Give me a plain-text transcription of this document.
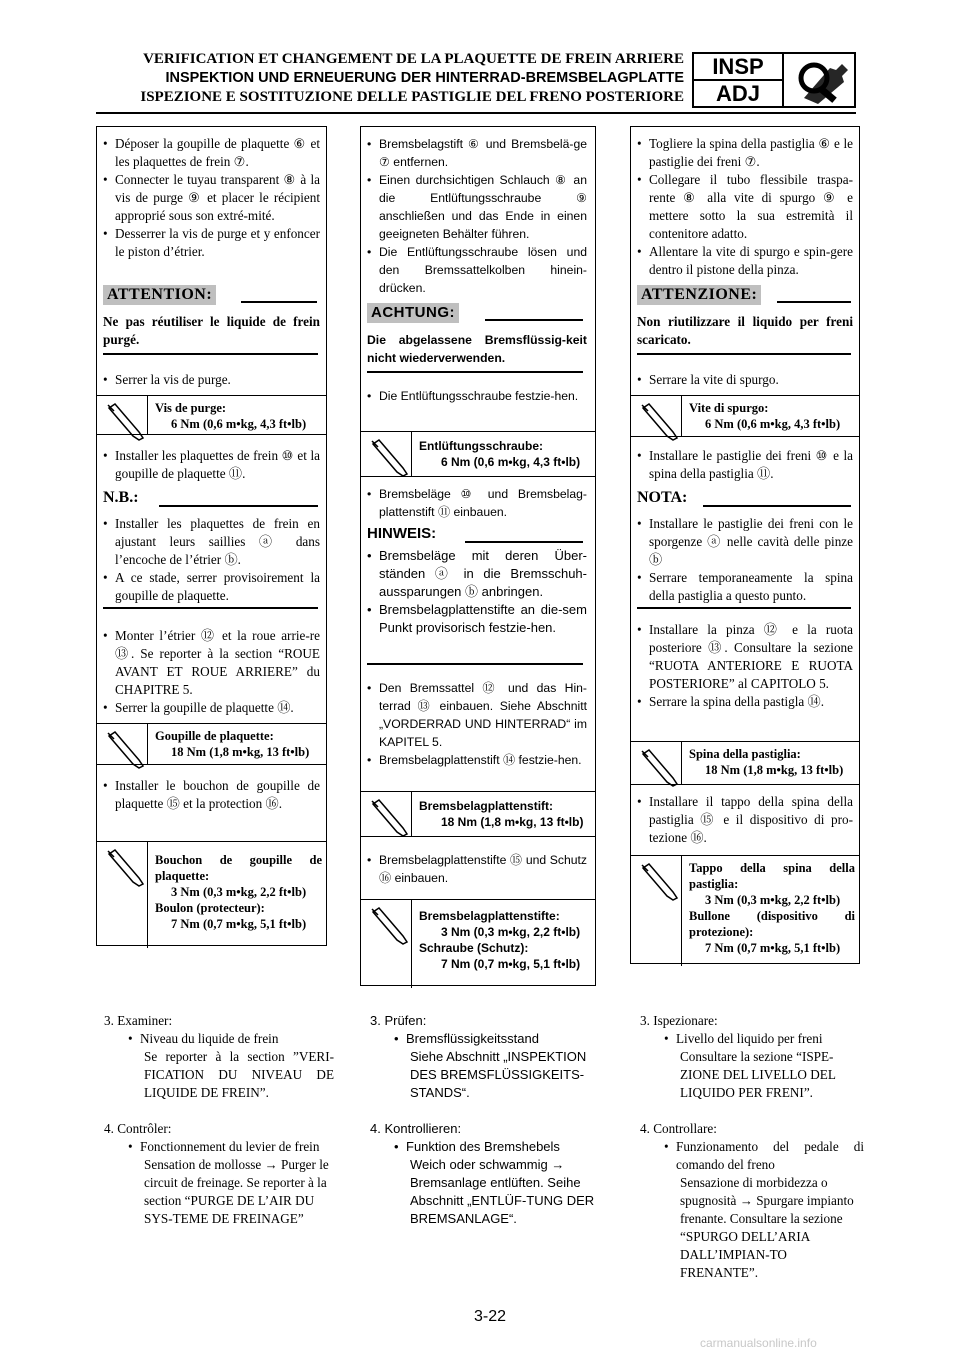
VERIFICATION ET CHANGEMENT DE LA PLAQUETTE DE FREIN ARRIERE
INSPEKTION UND ERNEUERUNG DER HINTERRAD-BREMSBELAGPLATTE
ISPEZIONE E SOSTITUZIONE DELLE PASTIGLIE DEL FRENO POSTERIORE
INSP
ADJ
• Déposer la goupille de plaquette ⑥ et les plaquettes de frein ⑦.
• Connecter le tuyau transparent ⑧ à la vis de purge ⑨ et placer le récipient approprié sous son extré-mité.
• Desserrer la vis de purge et y enfoncer le piston d’étrier.
ATTENTION:
Ne pas réutiliser le liquide de frein purgé.
• Serrer la vis de purge.
Vis de purge:
6 Nm (0,6 m•kg, 4,3 ft•lb)
• Installer les plaquettes de frein ⑩ et la goupille de plaquette ⑪.
N.B.:
• Installer les plaquettes de frein en ajustant leurs saillies ⓐ dans l’encoche de l’étrier ⓑ.
• A ce stade, serrer provisoirement la goupille de plaquette.
• Monter l’étrier ⑫ et la roue arrie-re ⑬. Se reporter à la section “ROUE AVANT ET ROUE ARRIERE” du CHAPITRE 5.
• Serrer la goupille de plaquette ⑭.
Goupille de plaquette:
18 Nm (1,8 m•kg, 13 ft•lb)
• Installer le bouchon de goupille de plaquette ⑮ et la protection ⑯.
Bouchon de goupille de plaquette:
3 Nm (0,3 m•kg, 2,2 ft•lb)
Boulon (protecteur):
7 Nm (0,7 m•kg, 5,1 ft•lb)
• Bremsbelagstift ⑥ und Bremsbelä-ge ⑦ entfernen.
• Einen durchsichtigen Schlauch ⑧ an die Entlüftungsschraube ⑨ anschließen und das Ende in einen geeigneten Behälter führen.
• Die Entlüftungsschraube lösen und den Bremssattelkolben hinein-drücken.
ACHTUNG:
Die abgelassene Bremsflüssig-keit nicht wiederverwenden.
• Die Entlüftungsschraube festzie-hen.
Entlüftungsschraube:
6 Nm (0,6 m•kg, 4,3 ft•lb)
• Bremsbeläge ⑩ und Bremsbelag-plattenstift ⑪ einbauen.
HINWEIS:
• Bremsbeläge mit deren Über-ständen ⓐ in die Bremsschuh-aussparungen ⓑ anbringen.
• Bremsbelagplattenstifte an die-sem Punkt provisorisch festzie-hen.
• Den Bremssattel ⑫ und das Hin-terrad ⑬ einbauen. Siehe Abschnitt „VORDERRAD UND HINTERRAD“ im KAPITEL 5.
• Bremsbelagplattenstift ⑭ festzie-hen.
Bremsbelagplattenstift:
18 Nm (1,8 m•kg, 13 ft•lb)
• Bremsbelagplattenstifte ⑮ und Schutz ⑯ einbauen.
Bremsbelagplattenstifte:
3 Nm (0,3 m•kg, 2,2 ft•lb)
Schraube (Schutz):
7 Nm (0,7 m•kg, 5,1 ft•lb)
• Togliere la spina della pastiglia ⑥ e le pastiglie dei freni ⑦.
• Collegare il tubo flessibile traspa-rente ⑧ alla vite di spurgo ⑨ e mettere sotto la sua estremità il contenitore adatto.
• Allentare la vite di spurgo e spin-gere dentro il pistone della pinza.
ATTENZIONE:
Non riutilizzare il liquido per freni scaricato.
• Serrare la vite di spurgo.
Vite di spurgo:
6 Nm (0,6 m•kg, 4,3 ft•lb)
• Installare le pastiglie dei freni ⑩ e la spina della pastiglia ⑪.
NOTA:
• Installare le pastiglie dei freni con le sporgenze ⓐ nelle cavità delle pinze ⓑ
• Serrare temporaneamente la spina della pastiglia a questo punto.
• Installare la pinza ⑫ e la ruota posteriore ⑬. Consultare la sezione “RUOTA ANTERIORE E RUOTA POSTERIORE” al CAPITOLO 5.
• Serrare la spina della pastigla ⑭.
Spina della pastiglia:
18 Nm (1,8 m•kg, 13 ft•lb)
• Installare il tappo della spina della pastiglia ⑮ e il dispositivo di pro-tezione ⑯.
Tappo della spina della pastiglia:
3 Nm (0,3 m•kg, 2,2 ft•lb)
Bullone (dispositivo di protezione):
7 Nm (0,7 m•kg, 5,1 ft•lb)
3. Examiner:
• Niveau du liquide de frein
Se reporter à la section ”VERI-FICATION DU NIVEAU DE LIQUIDE DE FREIN”.
4. Contrôler:
• Fonctionnement du levier de frein
Sensation de mollosse → Purger le circuit de freinage. Se reporter à la section “PURGE DE L’AIR DU SYS-TEME DE FREINAGE”
3. Prüfen:
• Bremsflüssigkeitsstand
Siehe Abschnitt „INSPEKTION DES BREMSFLÜSSIGKEITS-STANDS“.
4. Kontrollieren:
• Funktion des Bremshebels
Weich oder schwammig → Bremsanlage entlüften. Seihe Abschnitt „ENTLÜF-TUNG DER BREMSANLAGE“.
3. Ispezionare:
• Livello del liquido per freni
Consultare la sezione “ISPE-ZIONE DEL LIVELLO DEL LIQUIDO PER FRENI”.
4. Controllare:
• Funzionamento del pedale di comando del freno
Sensazione di morbidezza o spugnosità → Spurgare impianto frenante. Consultare la sezione “SPURGO DELL’ARIA DALL’IMPIAN-TO FRENANTE”.
3-22
carmanualsonline.info
